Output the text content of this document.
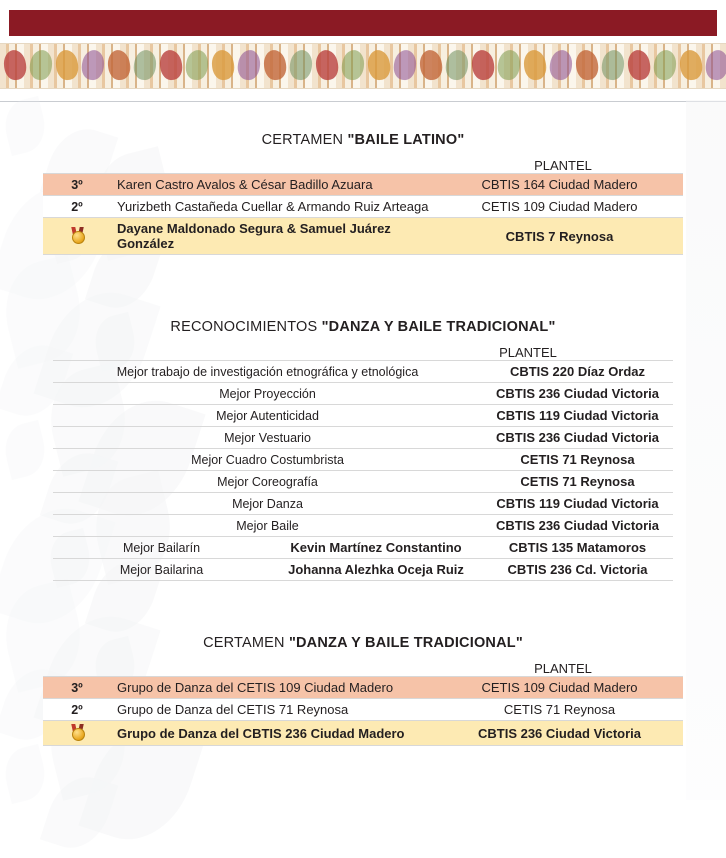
CERTAMEN "BAILE LATINO"
PLANTEL
3º	Karen Castro Avalos & César Badillo Azuara	CBTIS 164 Ciudad Madero
2º	Yurizbeth Castañeda Cuellar & Armando Ruiz Arteaga	CETIS 109 Ciudad Madero

	Dayane Maldonado Segura & Samuel Juárez González	CBTIS 7 Reynosa
RECONOCIMIENTOS "DANZA Y BAILE TRADICIONAL"
PLANTEL
Mejor trabajo de investigación etnográfica y etnológica		CBTIS 220 Díaz Ordaz
Mejor Proyección		CBTIS 236 Ciudad Victoria
Mejor Autenticidad		CBTIS 119 Ciudad Victoria
Mejor Vestuario		CBTIS 236 Ciudad Victoria
Mejor Cuadro Costumbrista		CETIS 71 Reynosa
Mejor Coreografía		CETIS 71 Reynosa
Mejor Danza		CBTIS 119 Ciudad Victoria
Mejor Baile		CBTIS 236 Ciudad Victoria
Mejor Bailarín	Kevin Martínez Constantino	CBTIS 135 Matamoros
Mejor Bailarina	Johanna Alezhka Oceja Ruiz	CBTIS 236 Cd. Victoria
CERTAMEN "DANZA Y BAILE TRADICIONAL"
PLANTEL
3º	Grupo de Danza del CETIS 109 Ciudad Madero	CETIS 109 Ciudad Madero
2º	Grupo de Danza del CETIS 71 Reynosa	CETIS 71 Reynosa

	Grupo de Danza del CBTIS 236 Ciudad Madero	CBTIS 236 Ciudad Victoria
